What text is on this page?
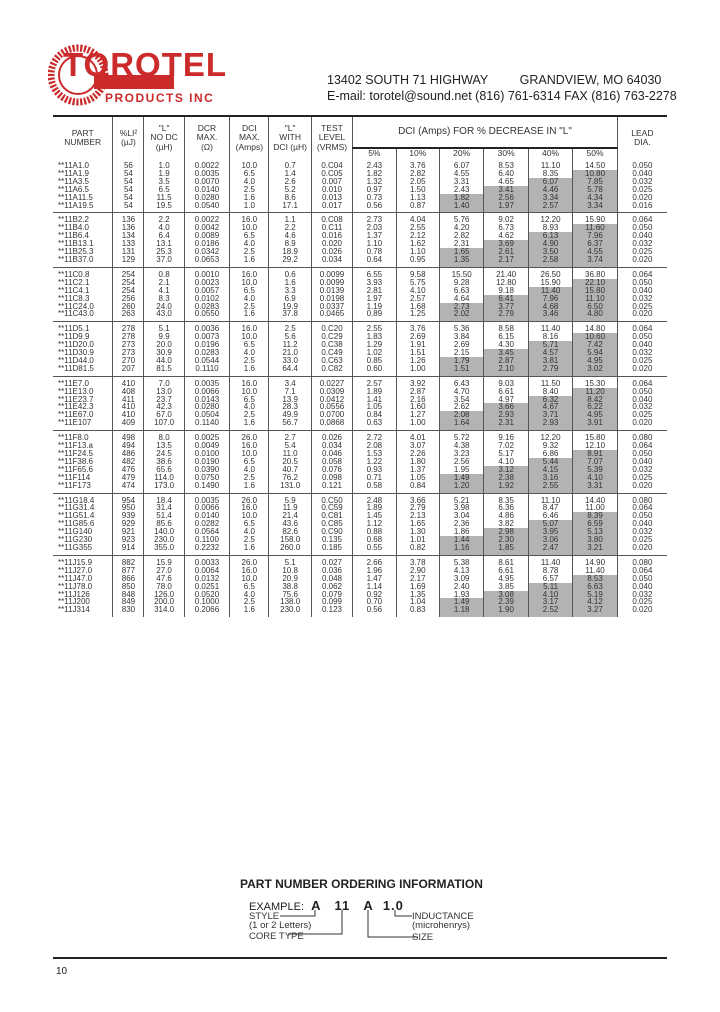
TOROTEL
PRODUCTS INC
13402 SOUTH 71 HIGHWAY	GRANDVIEW, MO 64030
E-mail: torotel@sound.net (816) 761-6314 FAX (816) 763-2278
PART
NUMBER	%LI²
(µJ)	"L"
NO DC
(µH)	DCR
MAX.
(Ω)	DCI
MAX.
(Amps)	"L"
WITH
DCI (µH)	TEST
LEVEL
(VRMS)	DCI (Amps) FOR % DECREASE IN "L"						LEAD
DIA.
							5%	10%	20%	30%	40%	50%	
**11A1.0	56	1.0	0.0022	10.0	0.7	0.C04	2.43	3.76	6.07	8.53	11.10	14.50	0.050
**11A1.9	54	1.9	0.0035	6.5	1.4	0.C05	1.82	2.82	4.55	6.40	8.35	10.80	0.040
**11A3.5	54	3.5	0.0070	4.0	2.6	0.007	1.32	2.05	3.31	4.65	6.07	7.85	0.032
**11A6.5	54	6.5	0.0140	2.5	5.2	0.010	0.97	1.50	2.43	3.41	4.46	5.78	0.025
**11A11.5	54	11.5	0.0280	1.6	8.6	0.013	0.73	1.13	1.82	2.56	3.34	4.34	0.020
**11A19.5	54	19.5	0.0540	1.0	17.1	0.017	0.56	0.87	1.40	1.97	2.57	3.34	0.016

**11B2.2	136	2.2	0.0022	16.0	1.1	0.C08	2.73	4.04	5.76	9.02	12.20	15.90	0.064
**11B4.0	136	4.0	0.0042	10.0	2.2	0.C11	2.03	2.55	4.20	6.73	8.93	11.60	0.050
**11B6.4	134	6.4	0.0089	6.5	4.6	0.016	1.37	2.12	2.82	4.62	6.13	7.96	0.040
**11B13.1	133	13.1	0.0186	4.0	8.9	0.020	1.10	1.62	2.31	3.69	4.90	6.37	0.032
**11B25.3	131	25.3	0.0342	2.5	18.9	0.026	0.78	1.10	1.65	2.61	3.50	4.55	0.025
**11B37.0	129	37.0	0.0653	1.6	29.2	0.034	0.64	0.95	1.35	2.17	2.58	3.74	0.020

**11C0.8	254	0.8	0.0010	16.0	0.6	0.0099	6.55	9.58	15.50	21.40	26.50	36.80	0.064
**11C2.1	254	2.1	0.0023	10.0	1.6	0.0099	3.93	5.75	9.28	12.80	15.90	22.10	0.050
**11C4.1	254	4.1	0.0057	6.5	3.3	0.0139	2.81	4.10	6.63	9.18	11.40	15.80	0.040
**11C8.3	256	8.3	0.0102	4.0	6.9	0.0198	1.97	2.57	4.64	6.41	7.96	11.10	0.032
**11C24.0	260	24.0	0.0283	2.5	19.9	0.0337	1.19	1.68	2.73	3.77	4.68	6.50	0.025
**11C43.0	263	43.0	0.0550	1.6	37.8	0.0465	0.89	1.25	2.02	2.79	3.46	4.80	0.020

**11D5.1	278	5.1	0.0036	16.0	2.5	0.C20	2.55	3.76	5.36	8.58	11.40	14.80	0.064
**11D9.9	278	9.9	0.0073	10.0	5.6	0.C29	1.83	2.69	3.84	6.15	8.16	10.60	0.050
**11D20.0	273	20.0	0.0196	6.5	11.2	0.C38	1.29	1.91	2.69	4.30	5.71	7.42	0.040
**11D30.9	273	30.9	0.0283	4.0	21.0	0.C49	1.02	1.51	2.15	3.45	4.57	5.94	0.032
**11D44.0	270	44.0	0.0544	2.5	33.0	0.C63	0.85	1.26	1.79	2.87	3.81	4.95	0.025
**11D81.5	207	81.5	0.1110	1.6	64.4	0.C82	0.60	1.00	1.51	2.10	2.79	3.02	0.020

**11E7.0	410	7.0	0.0035	16.0	3.4	0.0227	2.57	3.92	6.43	9.03	11.50	15.30	0.064
**11E13.0	408	13.0	0.0066	10.0	7.1	0.0309	1.89	2.87	4.70	6.61	8.40	11.20	0.050
**11E23.7	411	23.7	0.0143	6.5	13.9	0.0412	1.41	2.16	3.54	4.97	6.32	8.42	0.040
**11E42.3	410	42.3	0.0280	4.0	28.3	0.0556	1.05	1.60	2.62	3.66	4.67	6.22	0.032
**11E67.0	410	67.0	0.0504	2.5	49.9	0.0700	0.84	1.27	2.08	2.93	3.71	4.95	0.025
**11E107	409	107.0	0.1140	1.6	56.7	0.0868	0.63	1.00	1.64	2.31	2.93	3.91	0.020

**11F8.0	498	8.0	0.0025	26.0	2.7	0.026	2.72	4.01	5.72	9.16	12.20	15.80	0.080
**11F13.a	494	13.5	0.0049	16.0	5.4	0.034	2.08	3.07	4.38	7.02	9.32	12.10	0.064
**11F24.5	486	24.5	0.0100	10.0	11.0	0.046	1.53	2.26	3.23	5.17	6.86	8.91	0.050
**11F38.6	482	38.6	0.0190	6.5	20.5	0.058	1.22	1.80	2.56	4.10	5.44	7.07	0.040
**11F65.6	476	65.6	0.0390	4.0	40.7	0.076	0.93	1.37	1.95	3.12	4.15	5.39	0.032
**11F114	479	114.0	0.0750	2.5	76.2	0.098	0.71	1.05	1.49	2.38	3.16	4.10	0.025
**11F173	474	173.0	0.1490	1.6	131.0	0.121	0.58	0.84	1.20	1.92	2.55	3.31	0.020

**11G18.4	954	18.4	0.0035	26.0	5.9	0.C50	2.48	3.66	5.21	8.35	11.10	14.40	0.080
**11G31.4	950	31.4	0.0066	16.0	11.9	0.C59	1.89	2.79	3.98	6.36	8.47	11.00	0.064
**11G51.4	939	51.4	0.0140	10.0	21.4	0.C81	1.45	2.13	3.04	4.86	6.46	8.39	0.050
**11G85.6	929	85.6	0.0282	6.5	43.6	0.C85	1.12	1.65	2.36	3.82	5.07	6.59	0.040
**11G140	921	140.0	0.0564	4.0	82.6	0.C90	0.88	1.30	1.86	2.98	3.95	5.13	0.032
**11G230	923	230.0	0.1100	2.5	158.0	0.135	0.68	1.01	1.44	2.30	3.06	3.80	0.025
**11G355	914	355.0	0.2232	1.6	260.0	0.185	0.55	0.82	1.16	1.85	2.47	3.21	0.020

**11J15.9	882	15.9	0.0033	26.0	5.1	0.027	2.66	3.78	5.38	8.61	11.40	14.90	0.080
**11J27.0	877	27.0	0.0064	16.0	10.8	0.036	1.96	2.90	4.13	6.61	8.78	11.40	0.064
**11J47.0	866	47.6	0.0132	10.0	20.9	0.048	1.47	2.17	3.09	4.95	6.57	8.53	0.050
**11J78.0	850	78.0	0.0251	6.5	38.8	0.062	1.14	1.69	2.40	3.85	5.11	6.63	0.040
**11J126	848	126.0	0.0520	4.0	75.6	0.079	0.92	1.35	1.93	3.08	4.10	5.19	0.032
**11J200	849	200.0	0.1000	2.5	138.0	0.099	0.70	1.04	1.49	2.39	3.17	4.12	0.025
**11J314	830	314.0	0.2066	1.6	230.0	0.123	0.56	0.83	1.18	1.90	2.52	3.27	0.020
PART NUMBER ORDERING INFORMATION
EXAMPLE: A 11 A 1.0
STYLE
(1 or 2 Letters)
CORE TYPE
INDUCTANCE
(microhenrys)
SIZE
10
